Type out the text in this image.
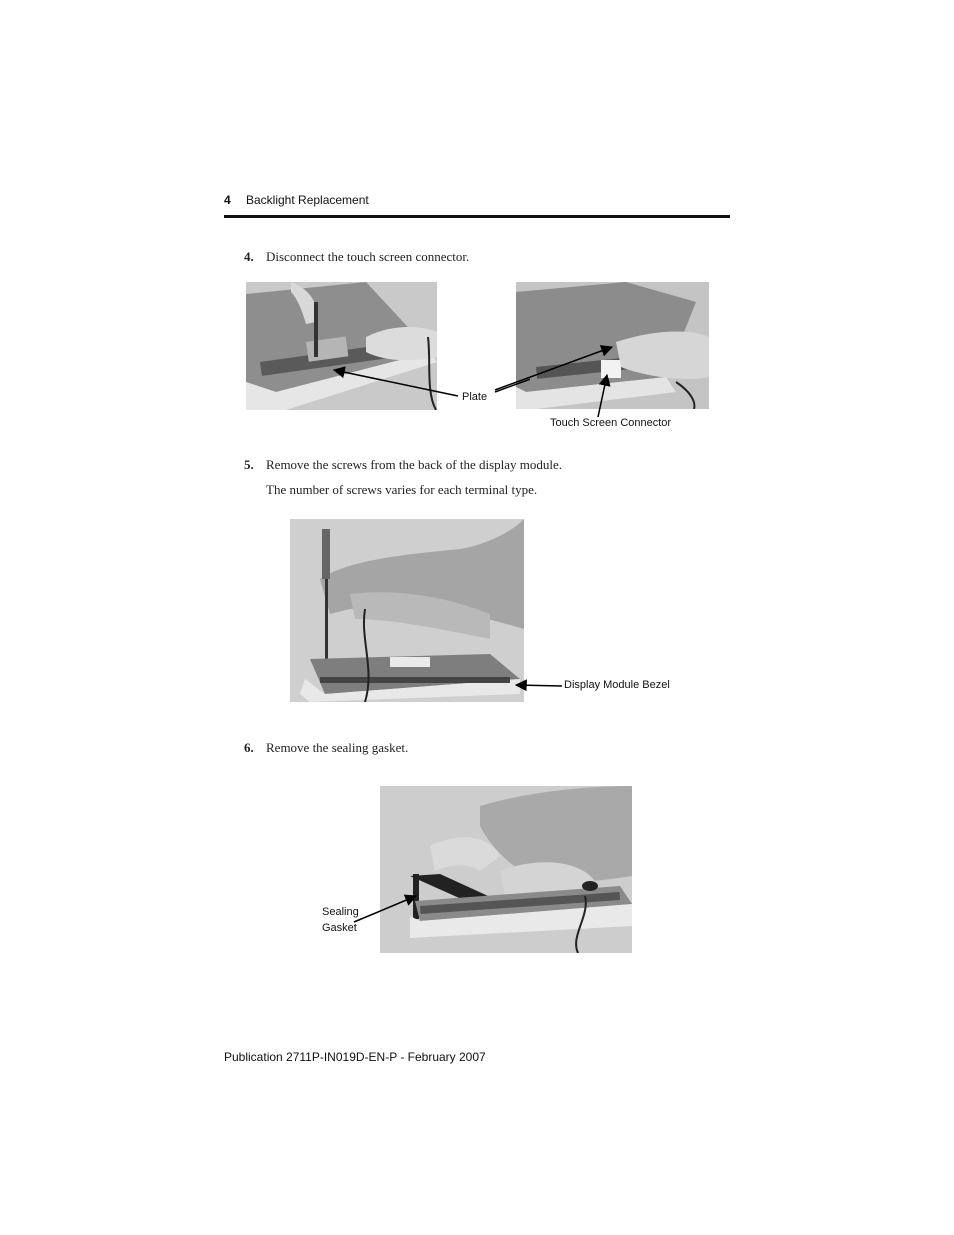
4 Backlight Replacement
4. Disconnect the touch screen connector.
Plate
Touch Screen Connector
5. Remove the screws from the back of the display module.
The number of screws varies for each terminal type.
Display Module Bezel
6. Remove the sealing gasket.
Sealing
Gasket
Publication 2711P-IN019D-EN-P - February 2007
